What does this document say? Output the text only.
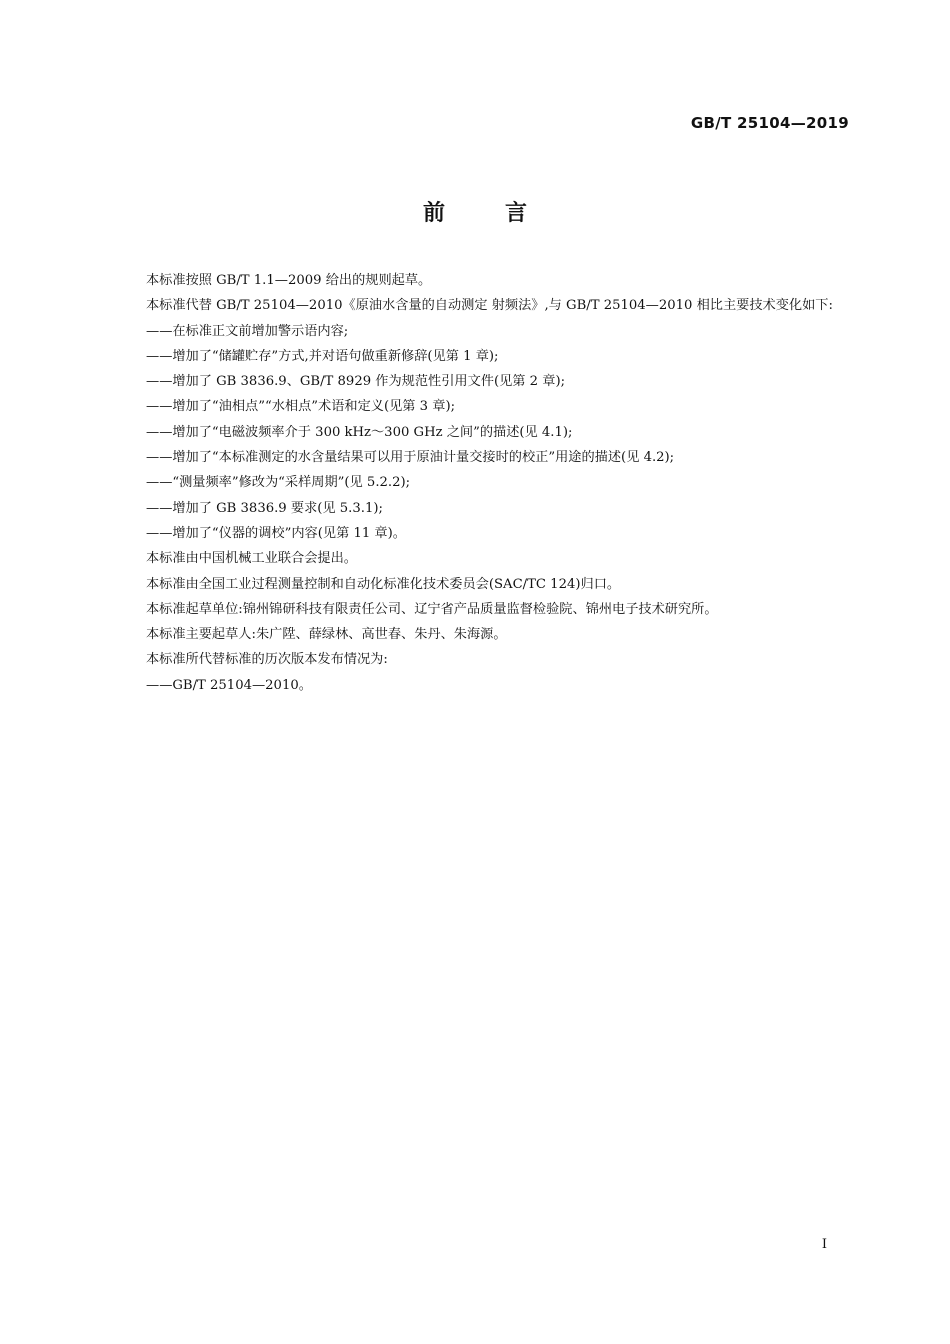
GB/T 25104—2019
前言

本标准按照 GB/T 1.1—2009 给出的规则起草。

本标准代替 GB/T 25104—2010《原油水含量的自动测定 射频法》,与 GB/T 25104—2010 相比主要技术变化如下:

——在标准正文前增加警示语内容;

——增加了“储罐贮存”方式,并对语句做重新修辞(见第 1 章);

——增加了 GB 3836.9、GB/T 8929 作为规范性引用文件(见第 2 章);

——增加了“油相点”“水相点”术语和定义(见第 3 章);

——增加了“电磁波频率介于 300 kHz～300 GHz 之间”的描述(见 4.1);

——增加了“本标准测定的水含量结果可以用于原油计量交接时的校正”用途的描述(见 4.2);

——“测量频率”修改为“采样周期”(见 5.2.2);

——增加了 GB 3836.9 要求(见 5.3.1);

——增加了“仪器的调校”内容(见第 11 章)。

本标准由中国机械工业联合会提出。

本标准由全国工业过程测量控制和自动化标准化技术委员会(SAC/TC 124)归口。

本标准起草单位:锦州锦研科技有限责任公司、辽宁省产品质量监督检验院、锦州电子技术研究所。

本标准主要起草人:朱广陞、薛绿林、高世春、朱丹、朱海源。

本标准所代替标准的历次版本发布情况为:

——GB/T 25104—2010。

I
